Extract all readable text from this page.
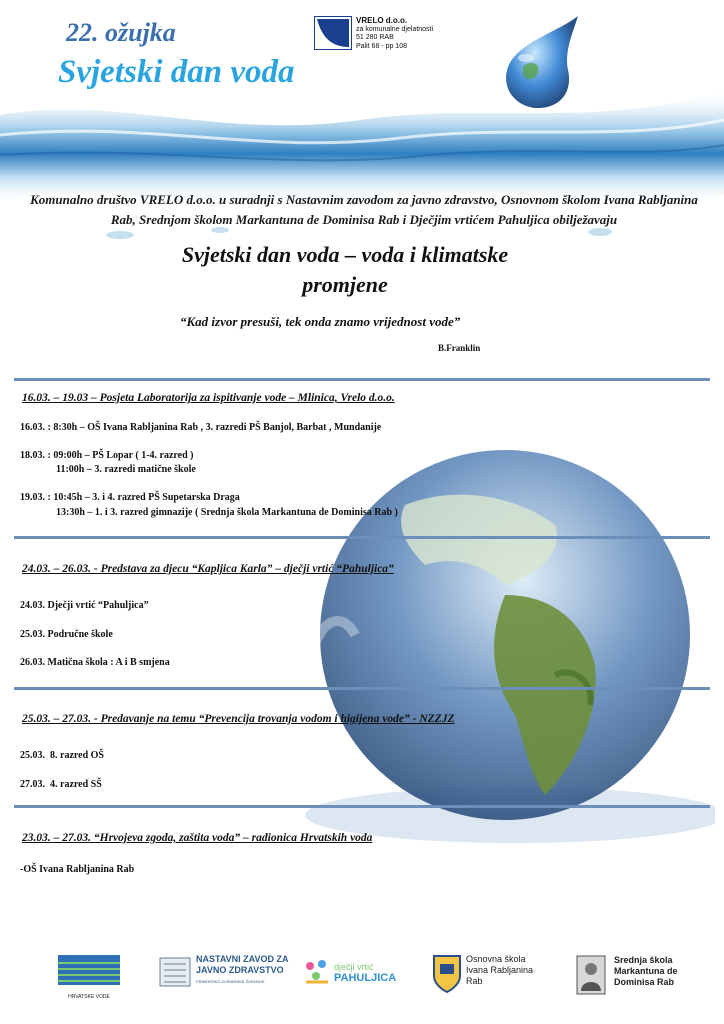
22. ožujka
Svjetski dan voda
VRELO d.o.o.
za komunalne djelatnosti
51 280 RAB
Palit 68 - pp 108
Komunalno društvo VRELO d.o.o. u suradnji s Nastavnim zavodom za javno zdravstvo, Osnovnom školom Ivana Rabljanina Rab, Srednjom školom Markantuna de Dominisa Rab i Dječjim vrtićem Pahuljica obilježavaju
Svjetski dan voda – voda i klimatske
promjene
“Kad izvor presuši, tek onda znamo vrijednost vode”
B.Franklin
16.03. – 19.03 – Posjeta Laboratorija za ispitivanje vode – Mlinica, Vrelo d.o.o.
16.03. : 8:30h – OŠ Ivana Rabljanina Rab , 3. razredi PŠ Banjol, Barbat , Mundanije
18.03. : 09:00h – PŠ Lopar ( 1-4. razred )
11:00h – 3. razredi matične škole
19.03. : 10:45h – 3. i 4. razred PŠ Supetarska Draga
13:30h – 1. i 3. razred gimnazije ( Srednja škola Markantuna de Dominisa Rab )
24.03. – 26.03. - Predstava za djecu “Kapljica Karla” – dječji vrtić “Pahuljica”
24.03. Dječji vrtić “Pahuljica”
25.03. Područne škole
26.03. Matična škola : A i B smjena
25.03. – 27.03. - Predavanje na temu “Prevencija trovanja vodom i higijena vode” - NZZJZ
25.03.  8. razred OŠ
27.03.  4. razred SŠ
23.03. – 27.03. “Hrvojeva zgoda, zaštita voda” – radionica Hrvatskih voda
-OŠ Ivana Rabljanina Rab
HRVATSKE VODE
NASTAVNI ZAVOD ZA
JAVNO ZDRAVSTVO
PRIMORSKO-GORANSKE ŽUPANIJE
dječji vrtić
PAHULJICA
Osnovna škola
Ivana Rabljanina
Rab
Srednja škola
Markantuna de
Dominisa Rab
